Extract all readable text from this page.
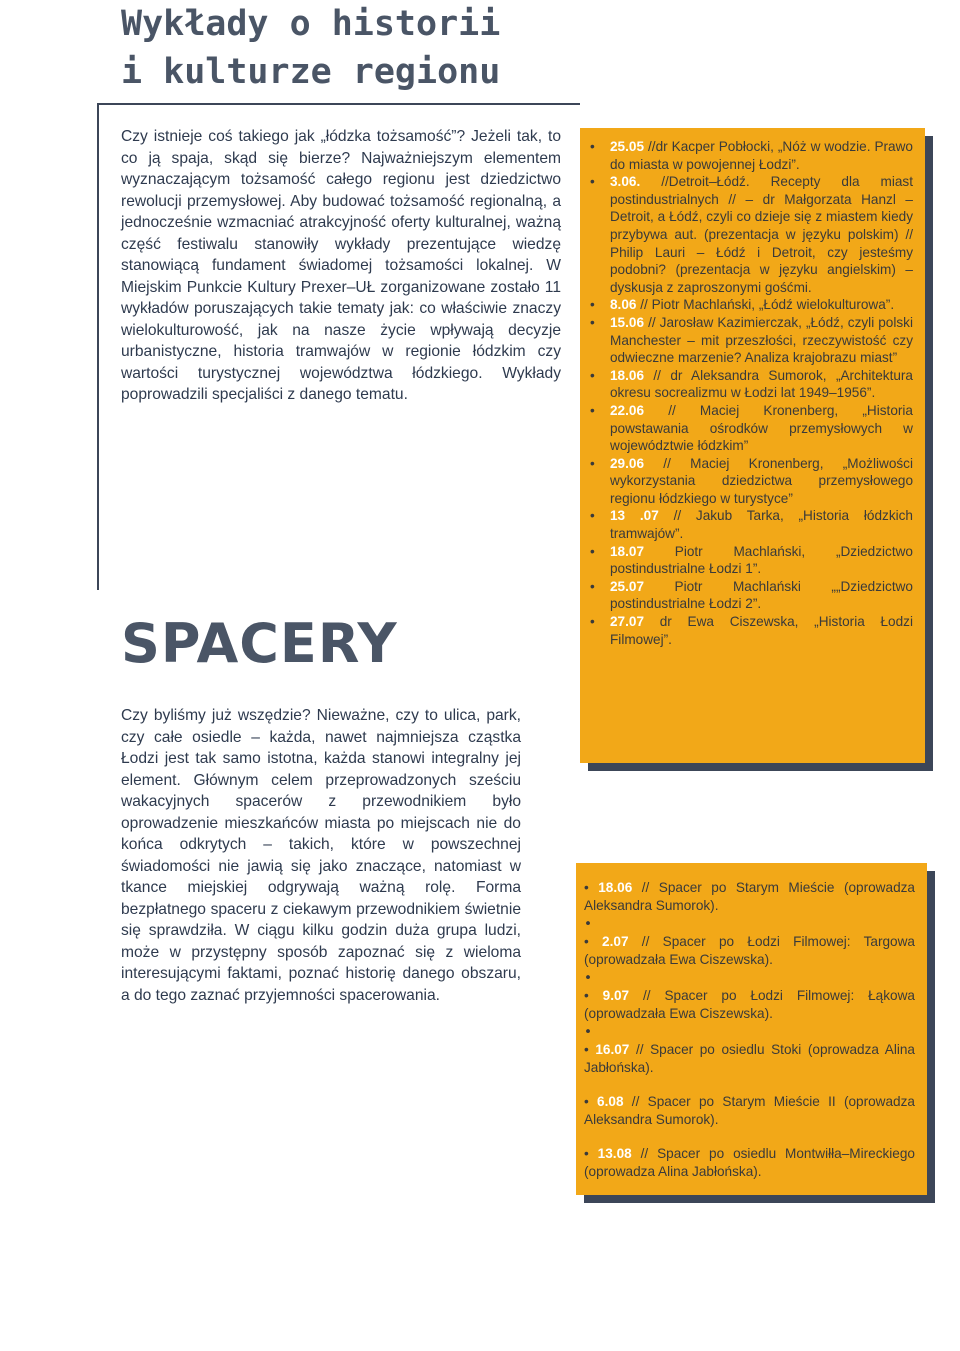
Wykłady o historii
i kulturze regionu

Czy istnieje coś takiego jak „łódzka tożsamość”? Jeżeli tak, to co ją spaja, skąd się bierze? Najważniejszym elementem wyznaczającym tożsamość całego regionu jest dziedzictwo rewolucji przemysłowej. Aby budować tożsamość regionalną, a jednocześnie wzmacniać atrakcyjność oferty kulturalnej, ważną część festiwalu stanowiły wykłady prezentujące wiedzę stanowiącą fundament świadomej tożsamości lokalnej. W Miejskim Punkcie Kultury Prexer–UŁ zorganizowane zostało 11 wykładów poruszających takie tematy jak: co właściwie znaczy wielokulturowość, jak na nasze życie wpływają decyzje urbanistyczne, historia tramwajów w regionie łódzkim czy wartości turystycznej województwa łódzkiego. Wykłady poprowadzili specjaliści z danego tematu.

SPACERY

Czy byliśmy już wszędzie? Nieważne, czy to ulica, park, czy całe osiedle – każda, nawet najmniejsza cząstka Łodzi jest tak samo istotna, każda stanowi integralny jej element. Głównym celem przeprowadzonych sześciu wakacyjnych spacerów z przewodnikiem było oprowadzenie mieszkańców miasta po miejscach nie do końca odkrytych – takich, które w powszechnej świadomości nie jawią się jako znaczące, natomiast w tkance miejskiej odgrywają ważną rolę. Forma bezpłatnego spaceru z ciekawym przewodnikiem świetnie się sprawdziła. W ciągu kilku godzin duża grupa ludzi, może w przystępny sposób zapoznać się z wieloma interesującymi faktami, poznać historię danego obszaru, a do tego zaznać przyjemności spacerowania.

• 25.05 //dr Kacper Pobłocki, „Nóż w wodzie. Prawo do miasta w powojennej Łodzi”.
• 3.06. //Detroit–Łódź. Recepty dla miast postindustrialnych // – dr Małgorzata Hanzl – Detroit, a Łódź, czyli co dzieje się z miastem kiedy przybywa aut. (prezentacja w języku polskim) // Philip Lauri – Łódź i Detroit, czy jesteśmy podobni? (prezentacja w języku angielskim) – dyskusja z zaproszonymi gośćmi.
• 8.06 // Piotr Machlański, „Łódź wielokulturowa”.
• 15.06 // Jarosław Kazimierczak, „Łódź, czyli polski Manchester – mit przeszłości, rzeczywistość czy odwieczne marzenie? Analiza krajobrazu miast”
• 18.06 // dr Aleksandra Sumorok, „Architektura okresu socrealizmu w Łodzi lat 1949–1956”.
• 22.06 // Maciej Kronenberg, „Historia powstawania ośrodków przemysłowych w województwie łódzkim”
• 29.06 // Maciej Kronenberg, „Możliwości wykorzystania dziedzictwa przemysłowego regionu łódzkiego w turystyce”
• 13 .07 // Jakub Tarka, „Historia łódzkich tramwajów”.
• 18.07 Piotr Machlański, „Dziedzictwo postindustrialne Łodzi 1”.
• 25.07 Piotr Machlański „„Dziedzictwo postindustrialne Łodzi 2”.
• 27.07 dr Ewa Ciszewska, „Historia Łodzi Filmowej”.
• 18.06 // Spacer po Starym Mieście (oprowadza Aleksandra Sumorok).
•
• 2.07 // Spacer po Łodzi Filmowej: Targowa (oprowadzała Ewa Ciszewska).
•
• 9.07 // Spacer po Łodzi Filmowej: Łąkowa (oprowadzała Ewa Ciszewska).
•
• 16.07 // Spacer po osiedlu Stoki (oprowadza Alina Jabłońska).
• 6.08 // Spacer po Starym Mieście II (oprowadza Aleksandra Sumorok).
• 13.08 // Spacer po osiedlu Montwiłła–Mireckiego (oprowadza Alina Jabłońska).
